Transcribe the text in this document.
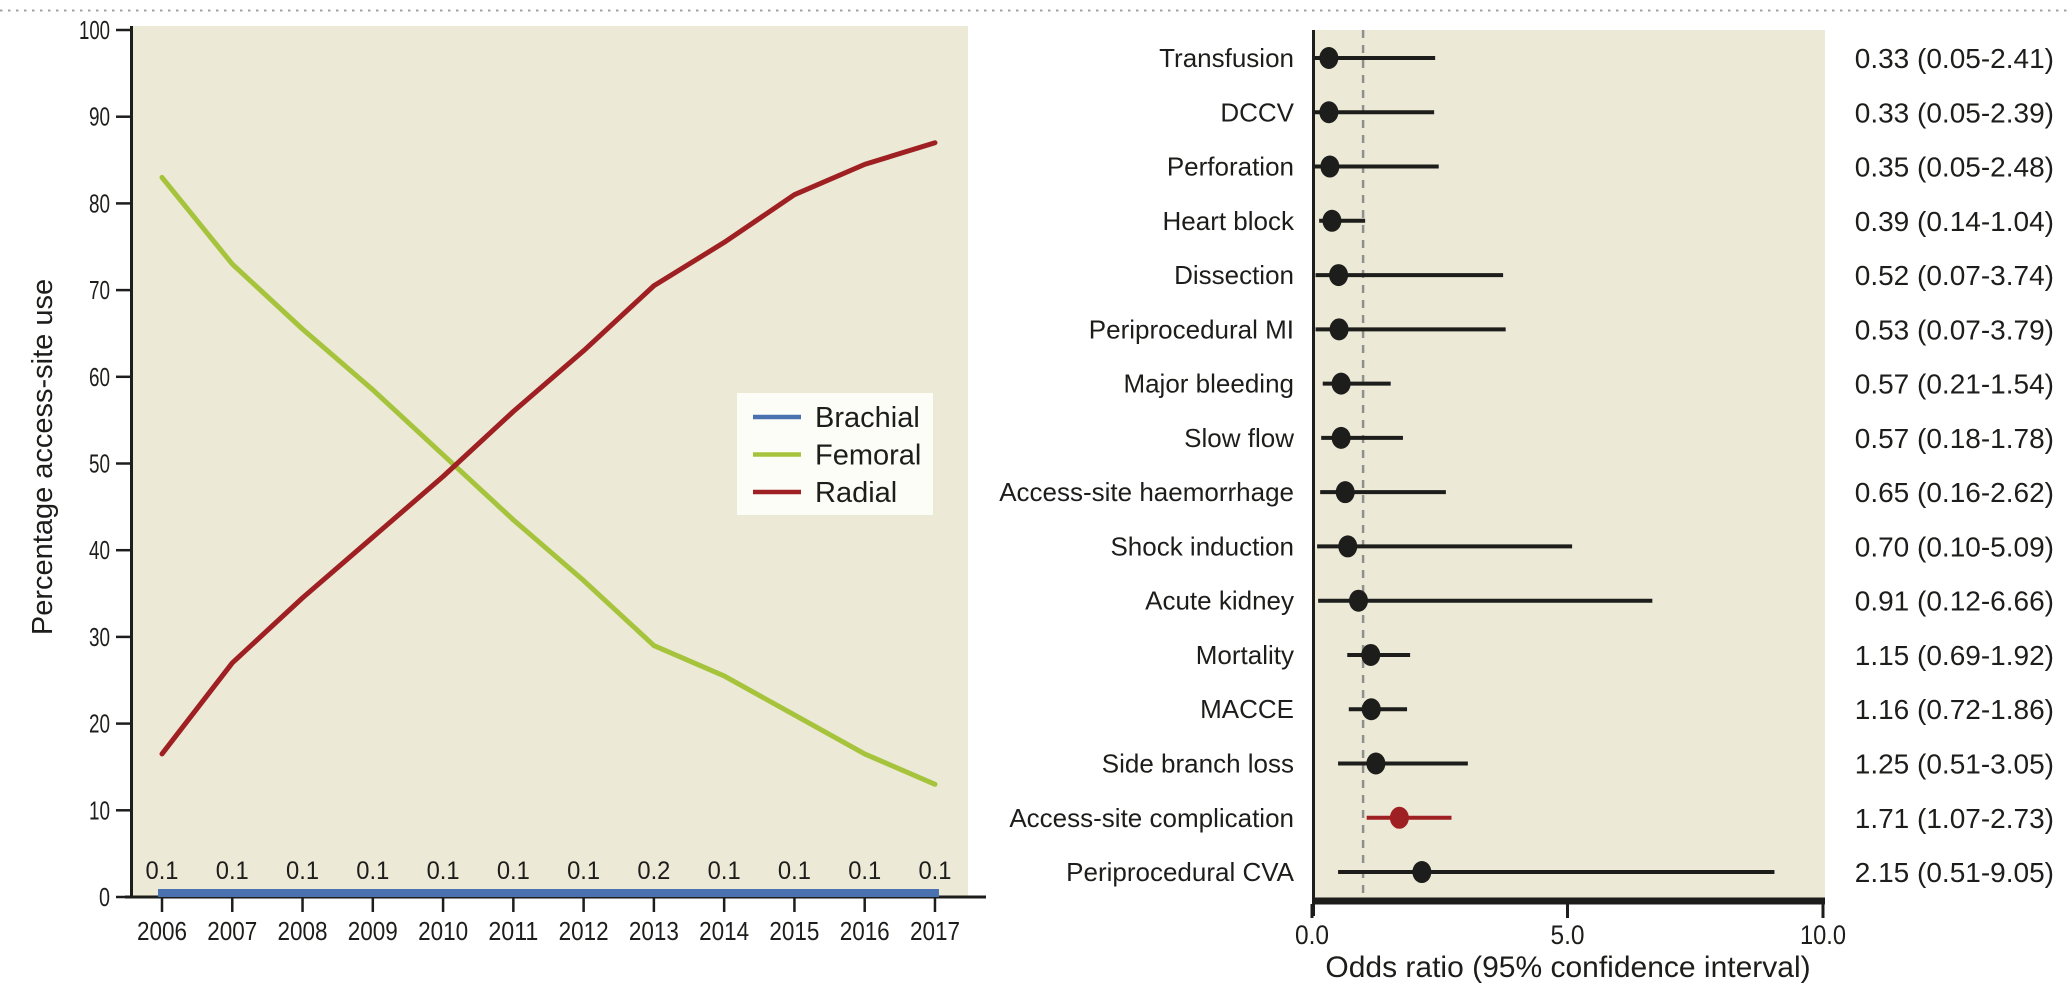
0
10
20
30
40
50
60
70
80
90
100
2006 2007 2008 2009 2010 2011 2012 2013 2014 2015 2016 2017
0.1 0.1 0.1 0.1 0.1 0.1 0.1 0.2 0.1 0.1 0.1 0.1
Percentage access-site use	Brachial
Femoral
Radial
Transfusion	0.33 (0.05-2.41)
DCCV	0.33 (0.05-2.39)
Perforation	0.35 (0.05-2.48)
Heart block	0.39 (0.14-1.04)
Dissection	0.52 (0.07-3.74)
Periprocedural MI	0.53 (0.07-3.79)
Major bleeding	0.57 (0.21-1.54)
Slow flow	0.57 (0.18-1.78)
Access-site haemorrhage	0.65 (0.16-2.62)
Shock induction	0.70 (0.10-5.09)
Acute kidney	0.91 (0.12-6.66)
Mortality	1.15 (0.69-1.92)
MACCE	1.16 (0.72-1.86)
Side branch loss	1.25 (0.51-3.05)
Access-site complication	1.71 (1.07-2.73)
Periprocedural CVA	2.15 (0.51-9.05)
0.0	5.0	10.0
Odds ratio (95% confidence interval)
